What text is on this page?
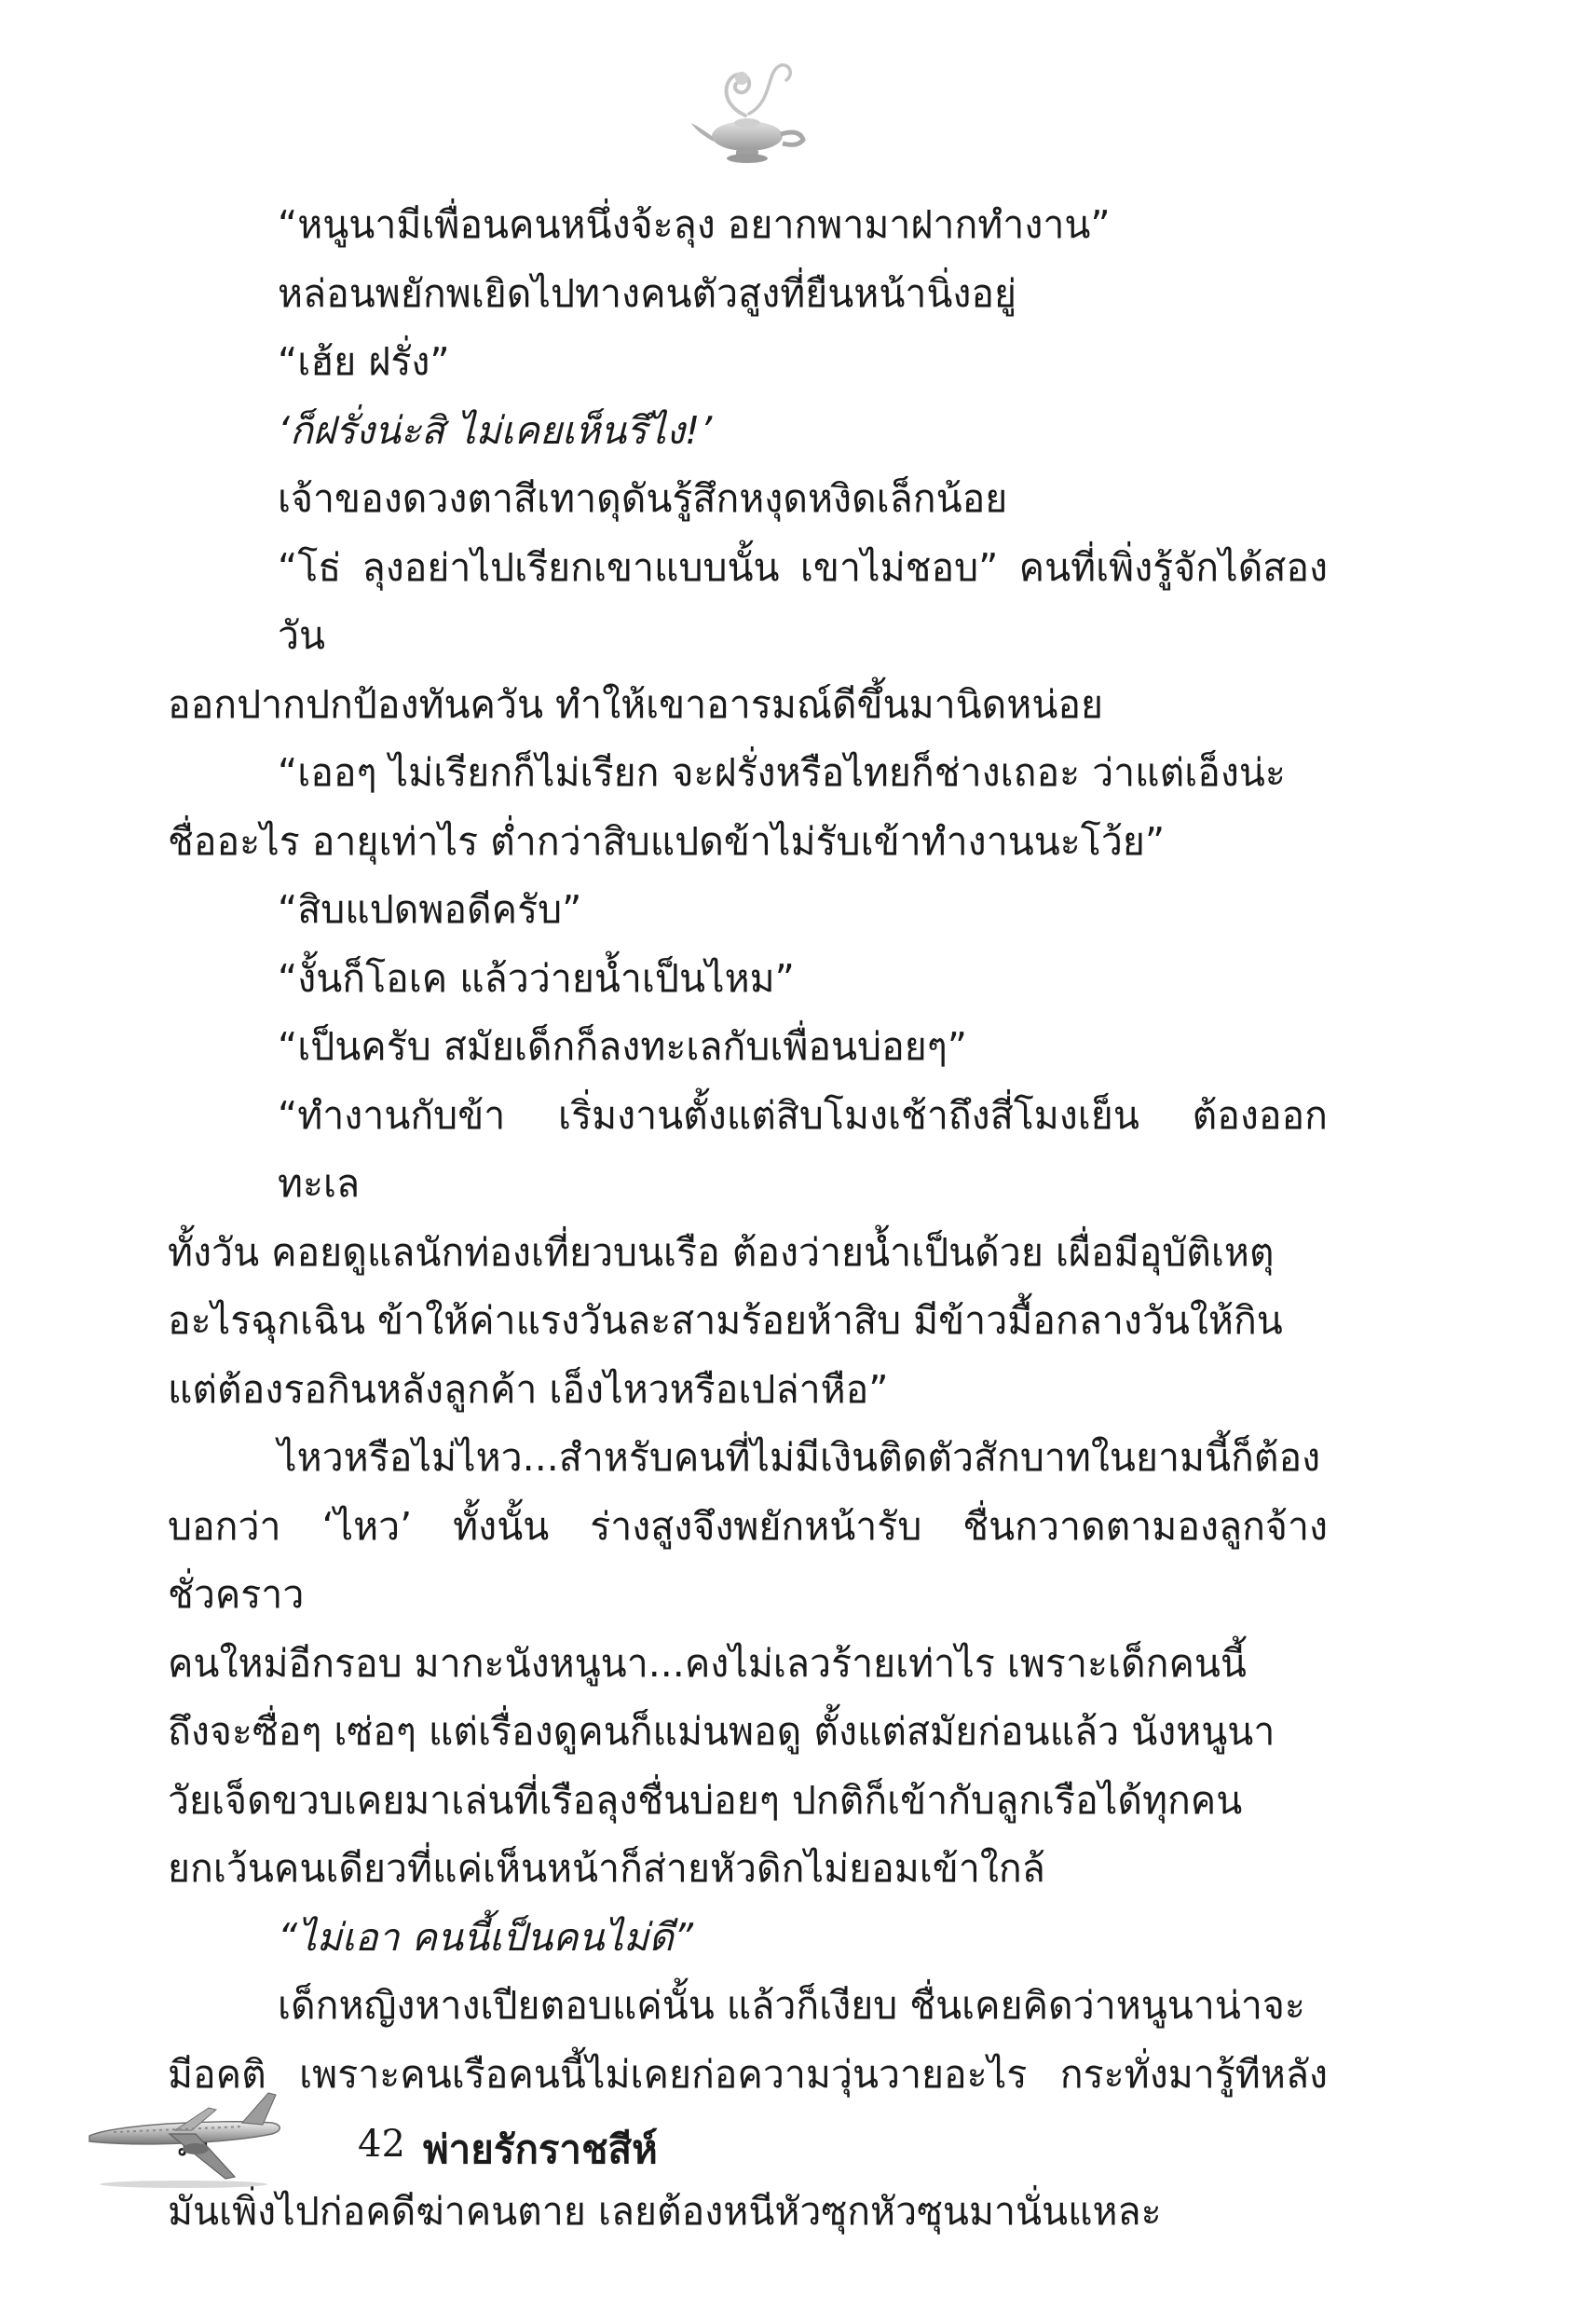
“หนูนามีเพื่อนคนหนึ่งจ้ะลุง อยากพามาฝากทำงาน”

หล่อนพยักพเยิดไปทางคนตัวสูงที่ยืนหน้านิ่งอยู่

“เฮ้ย ฝรั่ง”

‘ก็ฝรั่งน่ะสิ ไม่เคยเห็นรึไง!’

เจ้าของดวงตาสีเทาดุดันรู้สึกหงุดหงิดเล็กน้อย

“โธ่ ลุงอย่าไปเรียกเขาแบบนั้น เขาไม่ชอบ” คนที่เพิ่งรู้จักได้สองวัน

ออกปากปกป้องทันควัน ทำให้เขาอารมณ์ดีขึ้นมานิดหน่อย

“เออๆ ไม่เรียกก็ไม่เรียก จะฝรั่งหรือไทยก็ช่างเถอะ ว่าแต่เอ็งน่ะ

ชื่ออะไร อายุเท่าไร ต่ำกว่าสิบแปดข้าไม่รับเข้าทำงานนะโว้ย”

“สิบแปดพอดีครับ”

“งั้นก็โอเค แล้วว่ายน้ำเป็นไหม”

“เป็นครับ สมัยเด็กก็ลงทะเลกับเพื่อนบ่อยๆ”

“ทำงานกับข้า เริ่มงานตั้งแต่สิบโมงเช้าถึงสี่โมงเย็น ต้องออกทะเล

ทั้งวัน คอยดูแลนักท่องเที่ยวบนเรือ ต้องว่ายน้ำเป็นด้วย เผื่อมีอุบัติเหตุ

อะไรฉุกเฉิน ข้าให้ค่าแรงวันละสามร้อยห้าสิบ มีข้าวมื้อกลางวันให้กิน

แต่ต้องรอกินหลังลูกค้า เอ็งไหวหรือเปล่าหือ”

ไหวหรือไม่ไหว...สำหรับคนที่ไม่มีเงินติดตัวสักบาทในยามนี้ก็ต้อง

บอกว่า ‘ไหว’ ทั้งนั้น ร่างสูงจึงพยักหน้ารับ ชื่นกวาดตามองลูกจ้างชั่วคราว

คนใหม่อีกรอบ มากะนังหนูนา...คงไม่เลวร้ายเท่าไร เพราะเด็กคนนี้

ถึงจะซื่อๆ เซ่อๆ แต่เรื่องดูคนก็แม่นพอดู ตั้งแต่สมัยก่อนแล้ว นังหนูนา

วัยเจ็ดขวบเคยมาเล่นที่เรือลุงชื่นบ่อยๆ ปกติก็เข้ากับลูกเรือได้ทุกคน

ยกเว้นคนเดียวที่แค่เห็นหน้าก็ส่ายหัวดิกไม่ยอมเข้าใกล้

“ไม่เอา คนนี้เป็นคนไม่ดี”

เด็กหญิงหางเปียตอบแค่นั้น แล้วก็เงียบ ชื่นเคยคิดว่าหนูนาน่าจะ

มีอคติ เพราะคนเรือคนนี้ไม่เคยก่อความวุ่นวายอะไร กระทั่งมารู้ทีหลัง

มันเพิ่งไปก่อคดีฆ่าคนตาย เลยต้องหนีหัวซุกหัวซุนมานั่นแหละ

42 พ่ายรักราชสีห์
